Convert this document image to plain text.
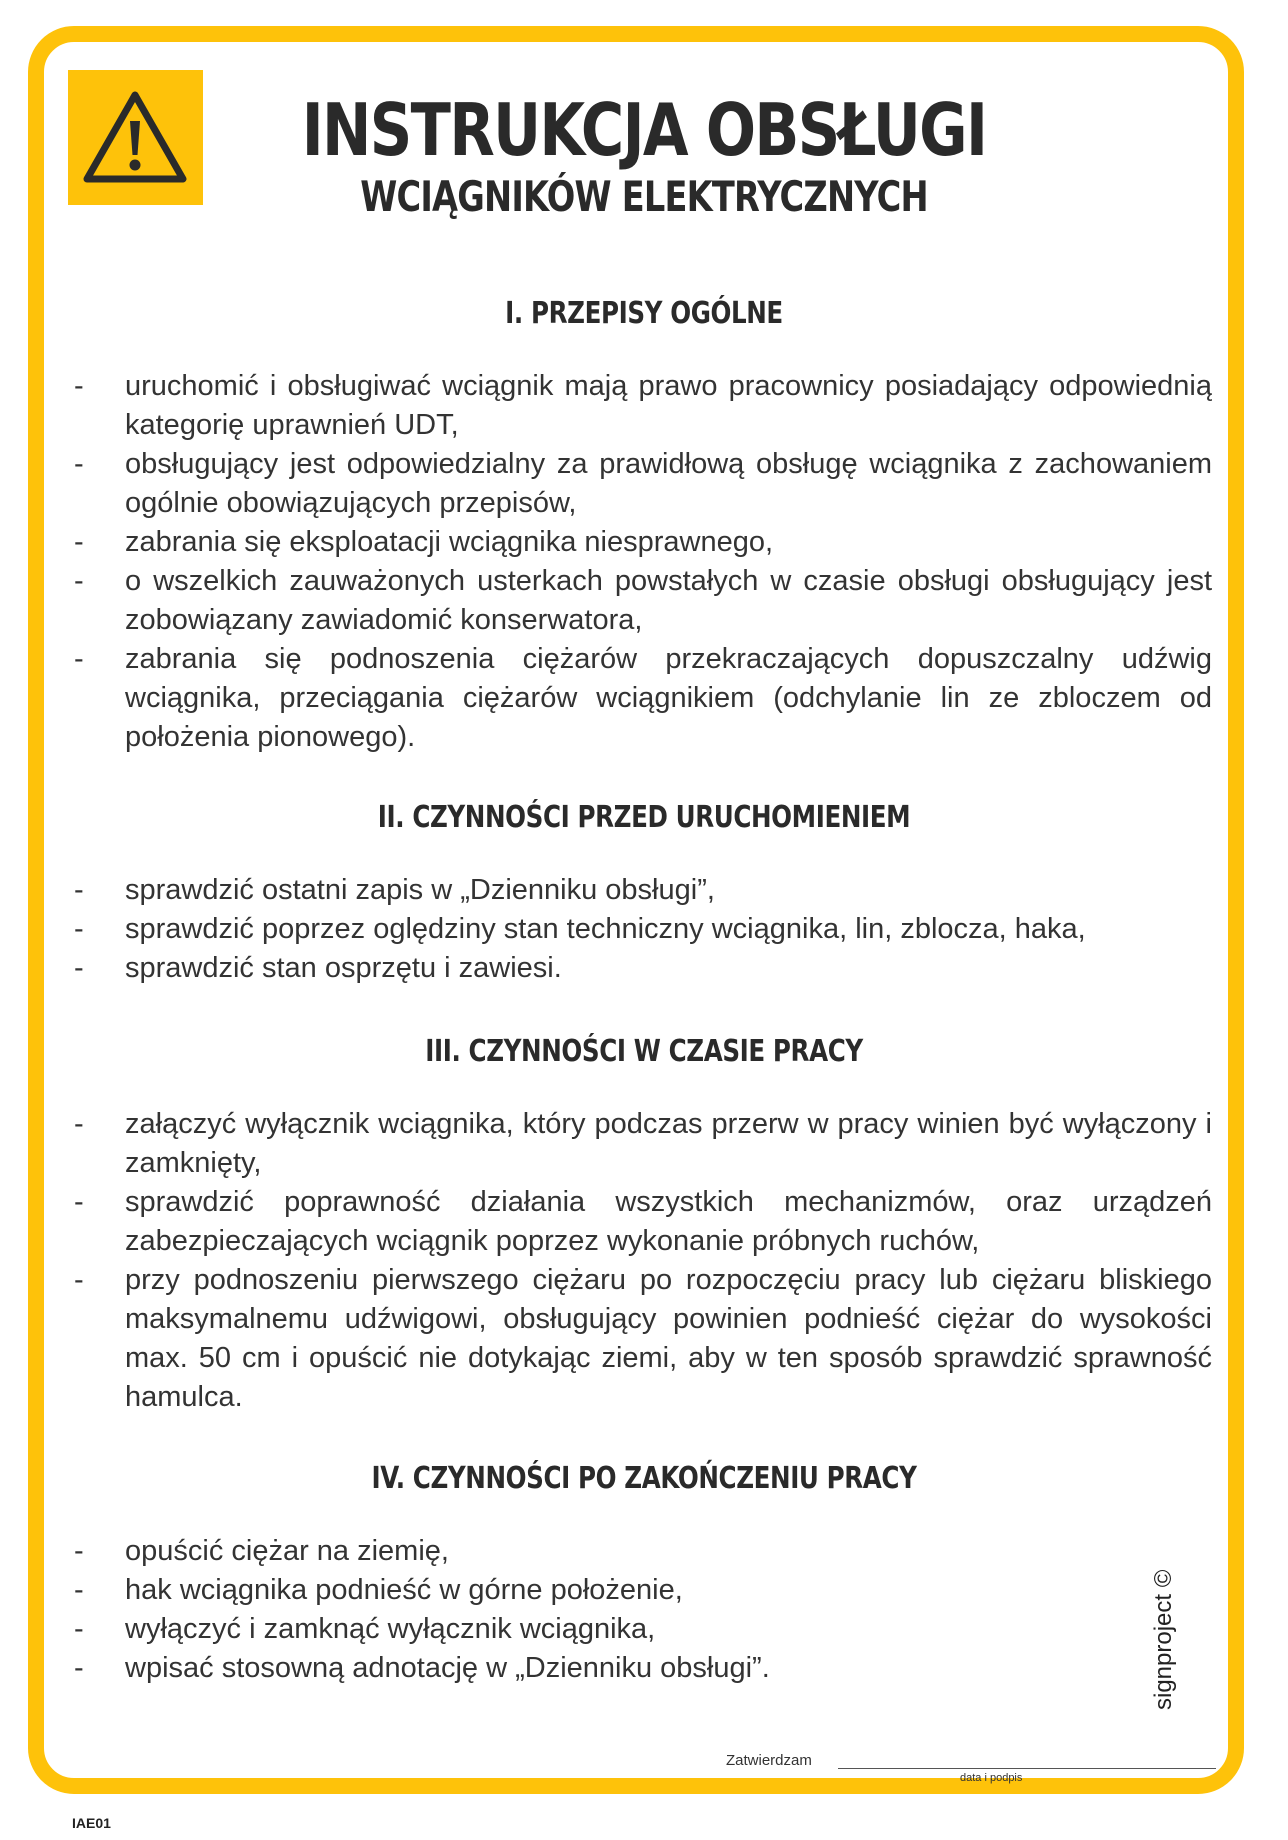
INSTRUKCJA OBSŁUGI
WCIĄGNIKÓW ELEKTRYCZNYCH
I. PRZEPISY OGÓLNE
- uruchomić i obsługiwać wciągnik mają prawo pracownicy posiadający odpowiednią kategorię uprawnień UDT,
- obsługujący jest odpowiedzialny za prawidłową obsługę wciągnika z zachowaniem ogólnie obowiązujących przepisów,
- zabrania się eksploatacji wciągnika niesprawnego,
- o wszelkich zauważonych usterkach powstałych w czasie obsługi obsługujący jest zobowiązany zawiadomić konserwatora,
- zabrania się podnoszenia ciężarów przekraczających dopuszczalny udźwig wciągnika, przeciągania ciężarów wciągnikiem (odchylanie lin ze zbloczem od położenia pionowego).
II. CZYNNOŚCI PRZED URUCHOMIENIEM
- sprawdzić ostatni zapis w „Dzienniku obsługi”,
- sprawdzić poprzez oględziny stan techniczny wciągnika, lin, zblocza, haka,
- sprawdzić stan osprzętu i zawiesi.
III. CZYNNOŚCI W CZASIE PRACY
- załączyć wyłącznik wciągnika, który podczas przerw w pracy winien być wyłączony i zamknięty,
- sprawdzić poprawność działania wszystkich mechanizmów, oraz urządzeń zabezpieczających wciągnik poprzez wykonanie próbnych ruchów,
- przy podnoszeniu pierwszego ciężaru po rozpoczęciu pracy lub ciężaru bliskiego maksymalnemu udźwigowi, obsługujący powinien podnieść ciężar do wysokości max. 50 cm i opuścić nie dotykając ziemi, aby w ten sposób sprawdzić sprawność hamulca.
IV. CZYNNOŚCI PO ZAKOŃCZENIU PRACY
- opuścić ciężar na ziemię,
- hak wciągnika podnieść w górne położenie,
- wyłączyć i zamknąć wyłącznik wciągnika,
- wpisać stosowną adnotację w „Dzienniku obsługi”.
Zatwierdzam
data i podpis
signproject ©
IAE01
